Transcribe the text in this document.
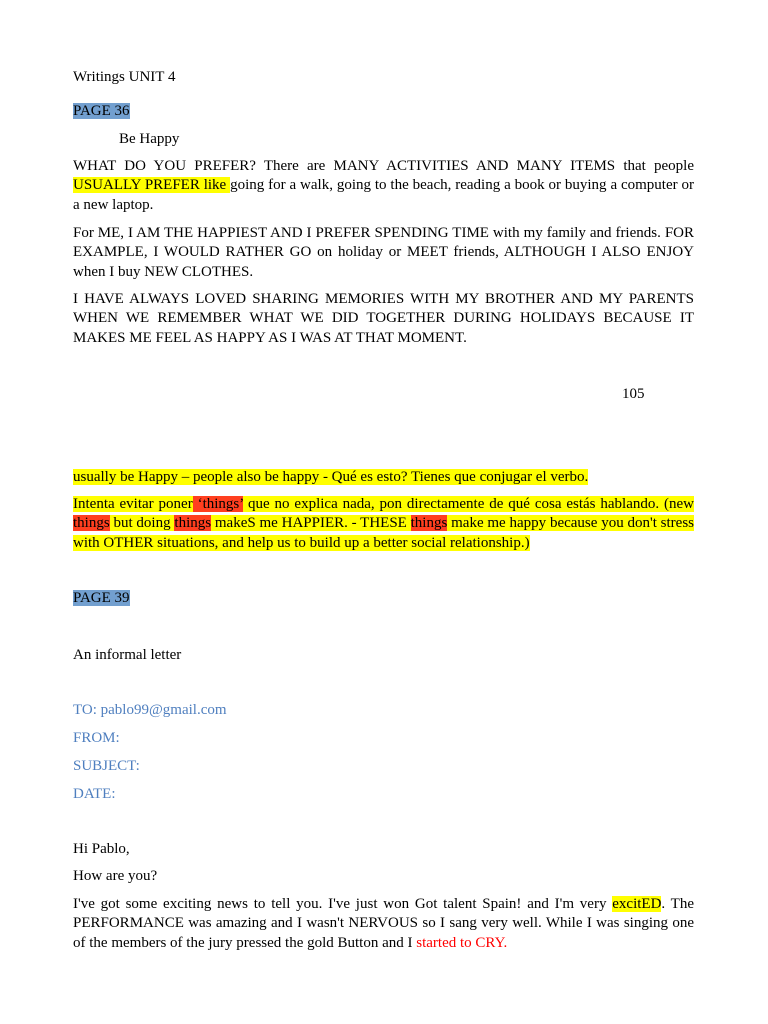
Writings UNIT 4
PAGE 36
Be Happy
WHAT DO YOU PREFER? There are MANY ACTIVITIES AND MANY ITEMS that people USUALLY PREFER like going for a walk, going to the beach, reading a book or buying a computer or a new laptop.
For ME, I AM THE HAPPIEST AND I PREFER SPENDING TIME with my family and friends. FOR EXAMPLE, I WOULD RATHER GO on holiday or MEET friends, ALTHOUGH I ALSO ENJOY when I buy NEW CLOTHES.
I HAVE ALWAYS LOVED SHARING MEMORIES WITH MY BROTHER AND MY PARENTS WHEN WE REMEMBER WHAT WE DID TOGETHER DURING HOLIDAYS BECAUSE IT MAKES ME FEEL AS HAPPY AS I WAS AT THAT MOMENT.
105
usually be Happy – people also be happy - Qué es esto? Tienes que conjugar el verbo.
Intenta evitar poner ‘things’ que no explica nada, pon directamente de qué cosa estás hablando. (new things but doing things makeS me HAPPIER. - THESE things make me happy because you don't stress with OTHER situations, and help us to build up a better social relationship.)
PAGE 39
An informal letter
TO: pablo99@gmail.com
FROM:
SUBJECT:
DATE:
Hi Pablo,
How are you?
I've got some exciting news to tell you. I've just won Got talent Spain! and I'm very excitED. The PERFORMANCE was amazing and I wasn't NERVOUS so I sang very well. While I was singing one of the members of the jury pressed the gold Button and I started to CRY.
